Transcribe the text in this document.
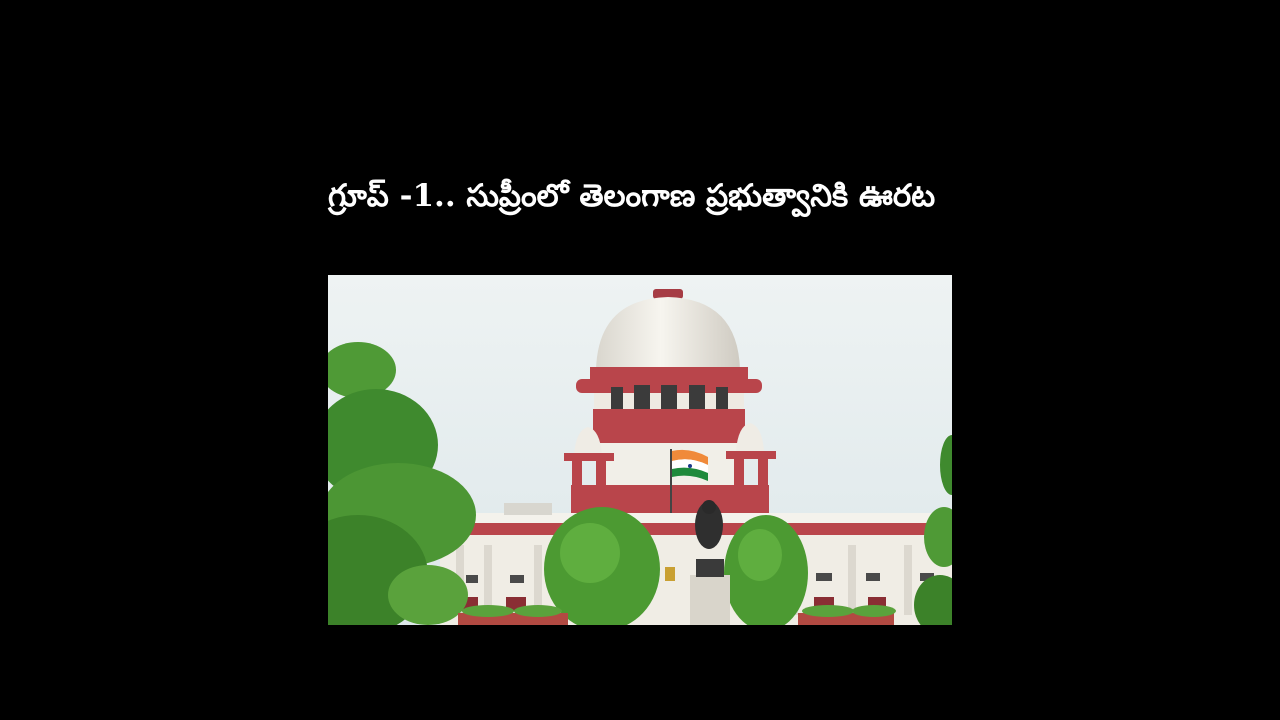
గ్రూప్ -1.. సుప్రీంలో తెలంగాణ ప్రభుత్వానికి ఊరట
